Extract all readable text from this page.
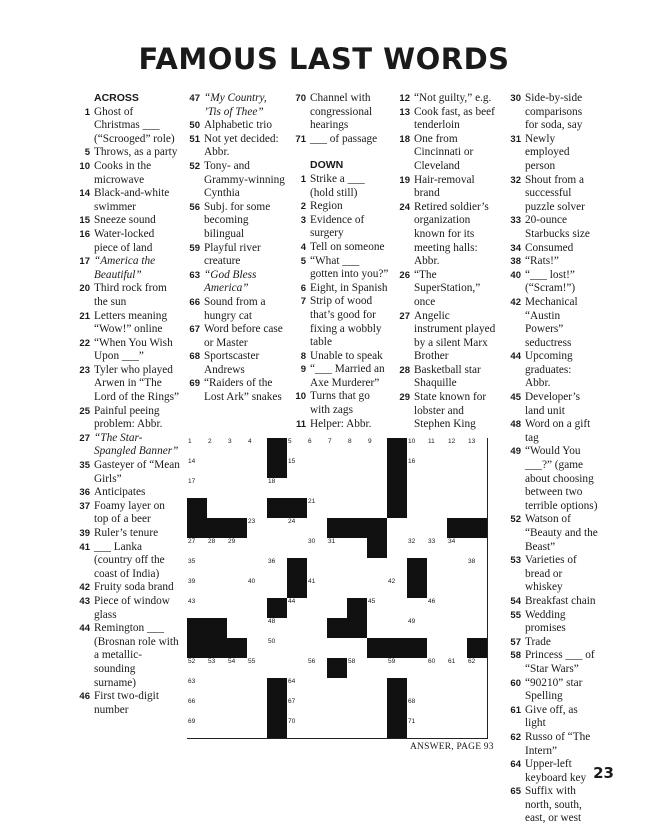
FAMOUS LAST WORDS
ACROSS
1 Ghost of Christmas ___ (“Scrooged” role)
5 Throws, as a party
10 Cooks in the microwave
14 Black-and-white swimmer
15 Sneeze sound
16 Water-locked piece of land
17 “America the Beautiful”
20 Third rock from the sun
21 Letters meaning “Wow!” online
22 “When You Wish Upon ___”
23 Tyler who played Arwen in “The Lord of the Rings”
25 Painful peeing problem: Abbr.
27 “The Star-Spangled Banner”
35 Gasteyer of “Mean Girls”
36 Anticipates
37 Foamy layer on top of a beer
39 Ruler’s tenure
41 ___ Lanka (country off the coast of India)
42 Fruity soda brand
43 Piece of window glass
44 Remington ___ (Brosnan role with a metallic-sounding surname)
46 First two-digit number
47 “My Country, ’Tis of Thee”
50 Alphabetic trio
51 Not yet decided: Abbr.
52 Tony- and Grammy-winning Cynthia
56 Subj. for some becoming bilingual
59 Playful river creature
63 “God Bless America”
66 Sound from a hungry cat
67 Word before case or Master
68 Sportscaster Andrews
69 “Raiders of the Lost Ark” snakes
70 Channel with congressional hearings
71 ___ of passage
DOWN
1 Strike a ___ (hold still)
2 Region
3 Evidence of surgery
4 Tell on someone
5 “What ___ gotten into you?”
6 Eight, in Spanish
7 Strip of wood that’s good for fixing a wobbly table
8 Unable to speak
9 “___ Married an Axe Murderer”
10 Turns that go with zags
11 Helper: Abbr.
12 “Not guilty,” e.g.
13 Cook fast, as beef tenderloin
18 One from Cincinnati or Cleveland
19 Hair-removal brand
24 Retired soldier’s organization known for its meeting halls: Abbr.
26 “The SuperStation,” once
27 Angelic instrument played by a silent Marx Brother
28 Basketball star Shaquille
29 State known for lobster and Stephen King
30 Side-by-side comparisons for soda, say
31 Newly employed person
32 Shout from a successful puzzle solver
33 20-ounce Starbucks size
34 Consumed
38 “Rats!”
40 “___ lost!” (“Scram!”)
42 Mechanical “Austin Powers” seductress
44 Upcoming graduates: Abbr.
45 Developer’s land unit
48 Word on a gift tag
49 “Would You ___?” (game about choosing between two terrible options)
52 Watson of “Beauty and the Beast”
53 Varieties of bread or whiskey
54 Breakfast chain
55 Wedding promises
57 Trade
58 Princess ___ of “Star Wars”
60 “90210” star Spelling
61 Give off, as light
62 Russo of “The Intern”
64 Upper-left keyboard key
65 Suffix with north, south, east, or west
1	2	3	4	5	6	7	8	9	10 11 12 13
14	15	16
17	18
21
23	24
27 28 29	30 31	32 33 34
35	36	38
39	40	41	42
43	44	45	46
48	49
50
52 53 54 55	56	58	59	60 61 62
63	64
66	67	68
69	70	71
ANSWER, PAGE 93
23
